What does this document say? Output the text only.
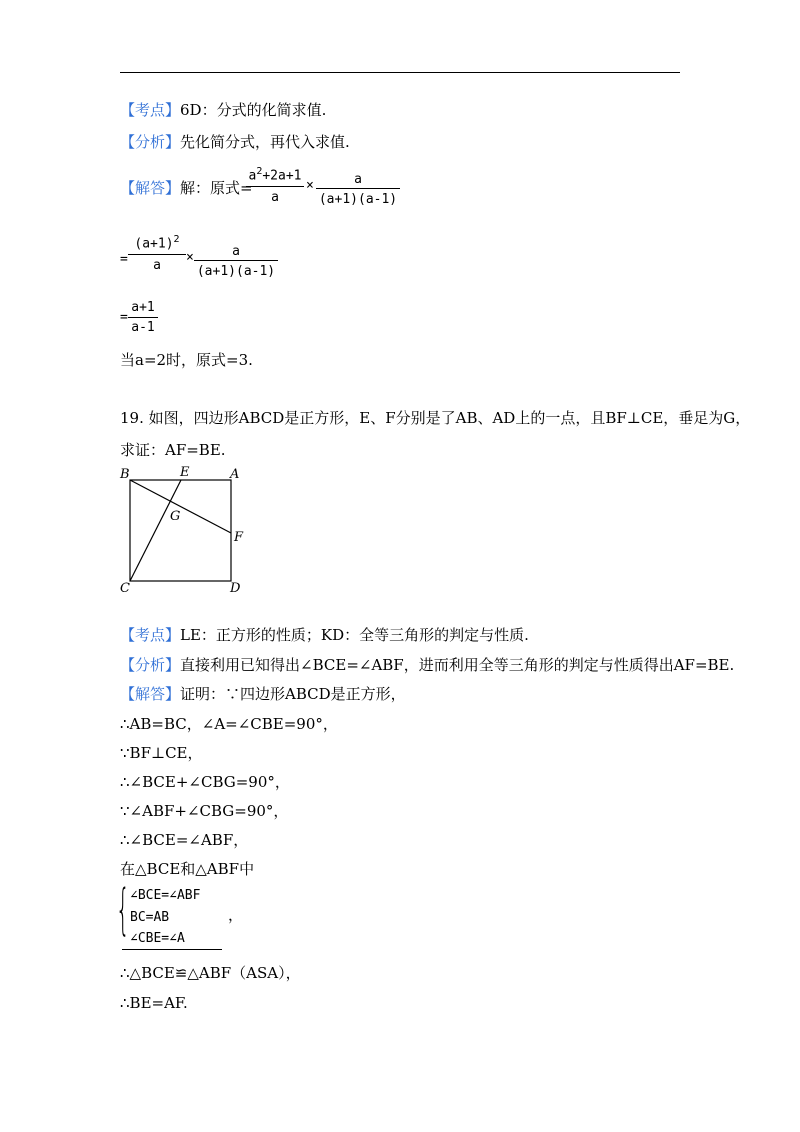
【考点】6D：分式的化简求值.
【分析】先化简分式，再代入求值.
【解答】解：原式=
$a^2+2a+1$
a
×	a
(a+1)(a-1)
=
$(a+1)^2$
a
×	a
(a+1)(a-1)
=
a+1
a-1
当a=2时，原式=3.
19. 如图，四边形ABCD是正方形，E、F分别是了AB、AD上的一点，且BF⊥CE，垂足为G，
求证：AF=BE.
B	E	A
G
F
C	D
【考点】LE：正方形的性质；KD：全等三角形的判定与性质.
【分析】直接利用已知得出∠BCE=∠ABF，进而利用全等三角形的判定与性质得出AF=BE.
【解答】证明：∵四边形ABCD是正方形，
∴AB=BC，∠A=∠CBE=90°，
∵BF⊥CE，
∴∠BCE+∠CBG=90°，
∵∠ABF+∠CBG=90°，
∴∠BCE=∠ABF，
在△BCE和△ABF中
{ ∠BCE=∠ABF
BC=AB
∠CBE=∠A
，
∴△BCE≌△ABF（ASA），
∴BE=AF.
